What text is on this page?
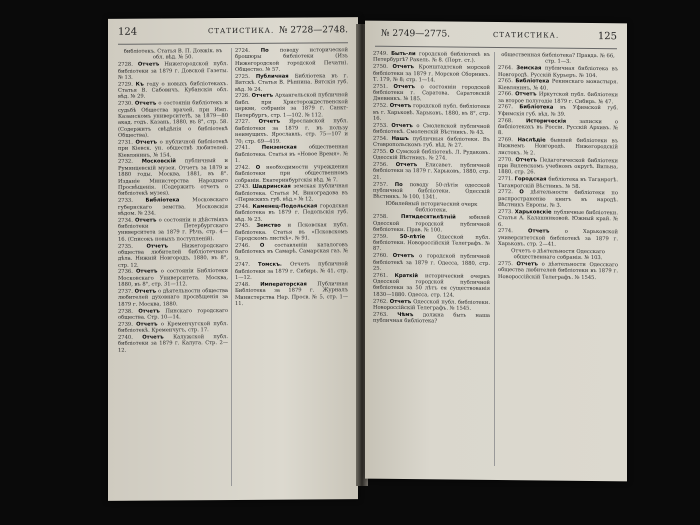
124	СТАТИСТИКА. № 2728—2748.
библіотекъ. Статья В. П. Довжік. въ обл. вѣд. № 50.
2728. Отчетъ Нижегородской публ. библіотеки за 1879 г. Довской Газеты. № 13.
2729. Къ году о новыхъ библіотекахъ. Статья В. Сабовичъ. Кубанскія обл. вѣд. № 29.
2730. Отчетъ о состояніи библіотекъ и судьбѣ Общества врачей, при Имп. Казанскомъ университетѣ, за 1879—80 акад. годъ. Казань, 1880, въ 8°, стр. 58. (Содержитъ свѣдѣнія о библіотекѣ Общества).
2731. Отчетъ о публичной библіотекѣ при Кіевск. ун. обществѣ любителей. Кіевлянинъ, № 154.
2732. Московскій публичный и Румянцевскій музеи. Отчетъ за 1879 и 1880 годы. Москва, 1881, въ 8°. Изданіе Министерства Народнаго Просвѣщенія. (Содержитъ отчетъ о библіотекѣ музея).
2733. Библіотека Московскаго губернскаго земства. Московскія вѣдом. № 234.
2734. Отчетъ о состояніи и дѣйствіяхъ библіотеки Петербургскаго университета за 1879 г. Рѣчь, стр. 4—16. (Списокъ новыхъ поступленій).
2735. Отчетъ Нижегородскаго общества любителей библіотечнаго дѣла. Нижній Новгородъ, 1880, въ 8°, стр. 12.
2736. Отчетъ о состояніи Библіотеки Московскаго Университета. Москва, 1880, въ 8°, стр. 31—112.
2737. Отчетъ о дѣятельности общества любителей духовнаго просвѣщенія за 1879 г. Москва, 1880.
2738. Отчетъ Пинскаго городскаго общества. Стр. 10—14.
2739. Отчетъ о Кременчугской публ. библіотекѣ. Кременчугъ, стр. 17.
2740. Отчетъ Калужской публ. библіотеки за 1879 г. Калуга. Стр. 2—12.
2724. По поводу исторической брошюры библіотеки (Изъ Нижегородской городской Печати). Общество. № 57.
2725. Публичная Библіотека въ г. Вятскѣ. Статья В. Рѣпнина. Вятскія губ. вѣд. № 24.
2726. Отчетъ Архангельской публичной библ. при Христорождественской церкви, собранія за 1879 г. Санкт-Петербургъ, стр. 1—102. № 112.
2727. Отчетъ Ярославской публ. библіотеки за 1879 г. въ пользу неимущихъ. Ярославль, стр. 75—107 и 70; стр. 69—419.
2741. Пензенская общественная библіотека. Статья въ «Новое Время». № 1.
2742. О необходимости учреждения библіотеки при общественномъ собраніи. Екатеринбургскія вѣд. № 7.
2743. Шадринская земская публичная библіотека. Статья М. Виноградова въ «Пермскихъ губ. вѣд.» № 12.
2744. Каменец-Подольская городская библіотека въ 1879 г. Подольскія губ. вѣд. № 23.
2745. Земство и Псковская публ. библіотека. Статья въ «Псковскомъ Городскомъ листкѣ». № 91.
2746. О составленіи каталоговъ библіотекъ въ Самарѣ. Самарская газ. № 9.
2747. Томскъ. Отчетъ публичной библіотеки за 1879 г. Сибирь. № 41, стр. 1—12.
2748. Императорская Публичная Библіотека за 1879 г. Журналъ Министерства Нар. Просв. № 5, стр. 1—11.
№ 2749—2775.	СТАТИСТИКА.	125
2749. Быть-ли городской библіотекѣ въ Петербургѣ? Ракель. № 8. (Порт. ст.).
2750. Отчетъ Кронштадтской морской библіотеки за 1879 г. Морской Сборникъ. Т. 179, № 8; стр. 1—14.
2751. Отчетъ о состояніи городской библіотеки г. Саратова. Саратовскій Дневникъ. № 185.
2752. Отчетъ городской публ. библіотеки въ г. Харьковѣ. Харьковъ, 1880, въ 8°, стр. 16.
2753. Отчетъ о Смоленской публичной библіотекѣ. Смоленскій Вѣстникъ. № 43.
2754. Нашъ публичныя библіотеки. Въ Ставропольскомъ губ. вѣд. № 27.
2755. О Сумской библіотекѣ. Л. Рудаковъ. Одесскій Вѣстникъ. № 274.
2756. Отчетъ Елисавет. публичной библіотеки за 1879 г. Харьковъ, 1880, стр. 21.
2757. По поводу 50-лѣтія одесской публичной библіотеки. Одесскій Вѣстникъ. № 100, 1341.
Юбилейный исторический очерк библіотеки.
2758. Пятидесятилѣтній юбилей Одесской городской публичной библіотеки. Прав. № 100.
2759. 50-лѣтіе Одесской публ. библіотеки. Новороссійскій Телеграфъ. № 87.
2760. Отчетъ о городской публичной библіотекѣ за 1879 г. Одесса, 1880, стр. 25.
2761. Краткій исторический очеркъ Одесской городской публичной библіотеки за 50 лѣтъ ея существованія 1830—1880. Одесса, стр. 124.
2762. Отчетъ Одесской публ. библіотеки. Новороссійскій Телеграфъ. № 1545.
2763. Чѣмъ должна быть наша публичная библіотека?
общественная библіотека? Правда. № 66, стр. 1—3.
2764. Земская публичная библіотека въ Новгородѣ. Русскій Курьеръ. № 104.
2765. Библіотека Рекинскаго монастыря. Кіевлянинъ, № 40.
2766. Отчетъ Иркутской публ. библіотеки за второе полугодіе 1879 г. Сибирь. № 47.
2767. Библіотека въ Уфимской губ. Уфимскія губ. вѣд. № 39.
2768. Историческія записки о библіотекахъ въ Россіи. Русскій Архивъ. № 8.
2769. Наслѣдіе бывшей библіотеки въ Нижнемъ Новгородѣ. Нижегородскій листокъ. № 2.
2770. Отчетъ Педагогической библіотеки при Виленскомъ учебномъ округѣ. Вильна, 1880, стр. 26.
2771. Городская библіотека въ Таганрогѣ. Таганрогскій Вѣстникъ. № 58.
2772. О дѣятельности библіотеки по распространенію книгъ въ народѣ. Вѣстникъ Европы. № 3.
2773. Харьковскіе публичные библіотеки. Статья А. Калашниковой. Южный край. № 6.
2774. Отчетъ о Харьковской университетской библіотекѣ за 1879 г. Харьковъ, стр. 2—41.
Отчетъ о дѣятельности Одесскаго общественнаго собранія. № 103.
2775. Отчетъ о дѣятельности Одесскаго общества любителей библіотеки въ 1879 г. Новороссійскій Телеграфъ. № 1545.
